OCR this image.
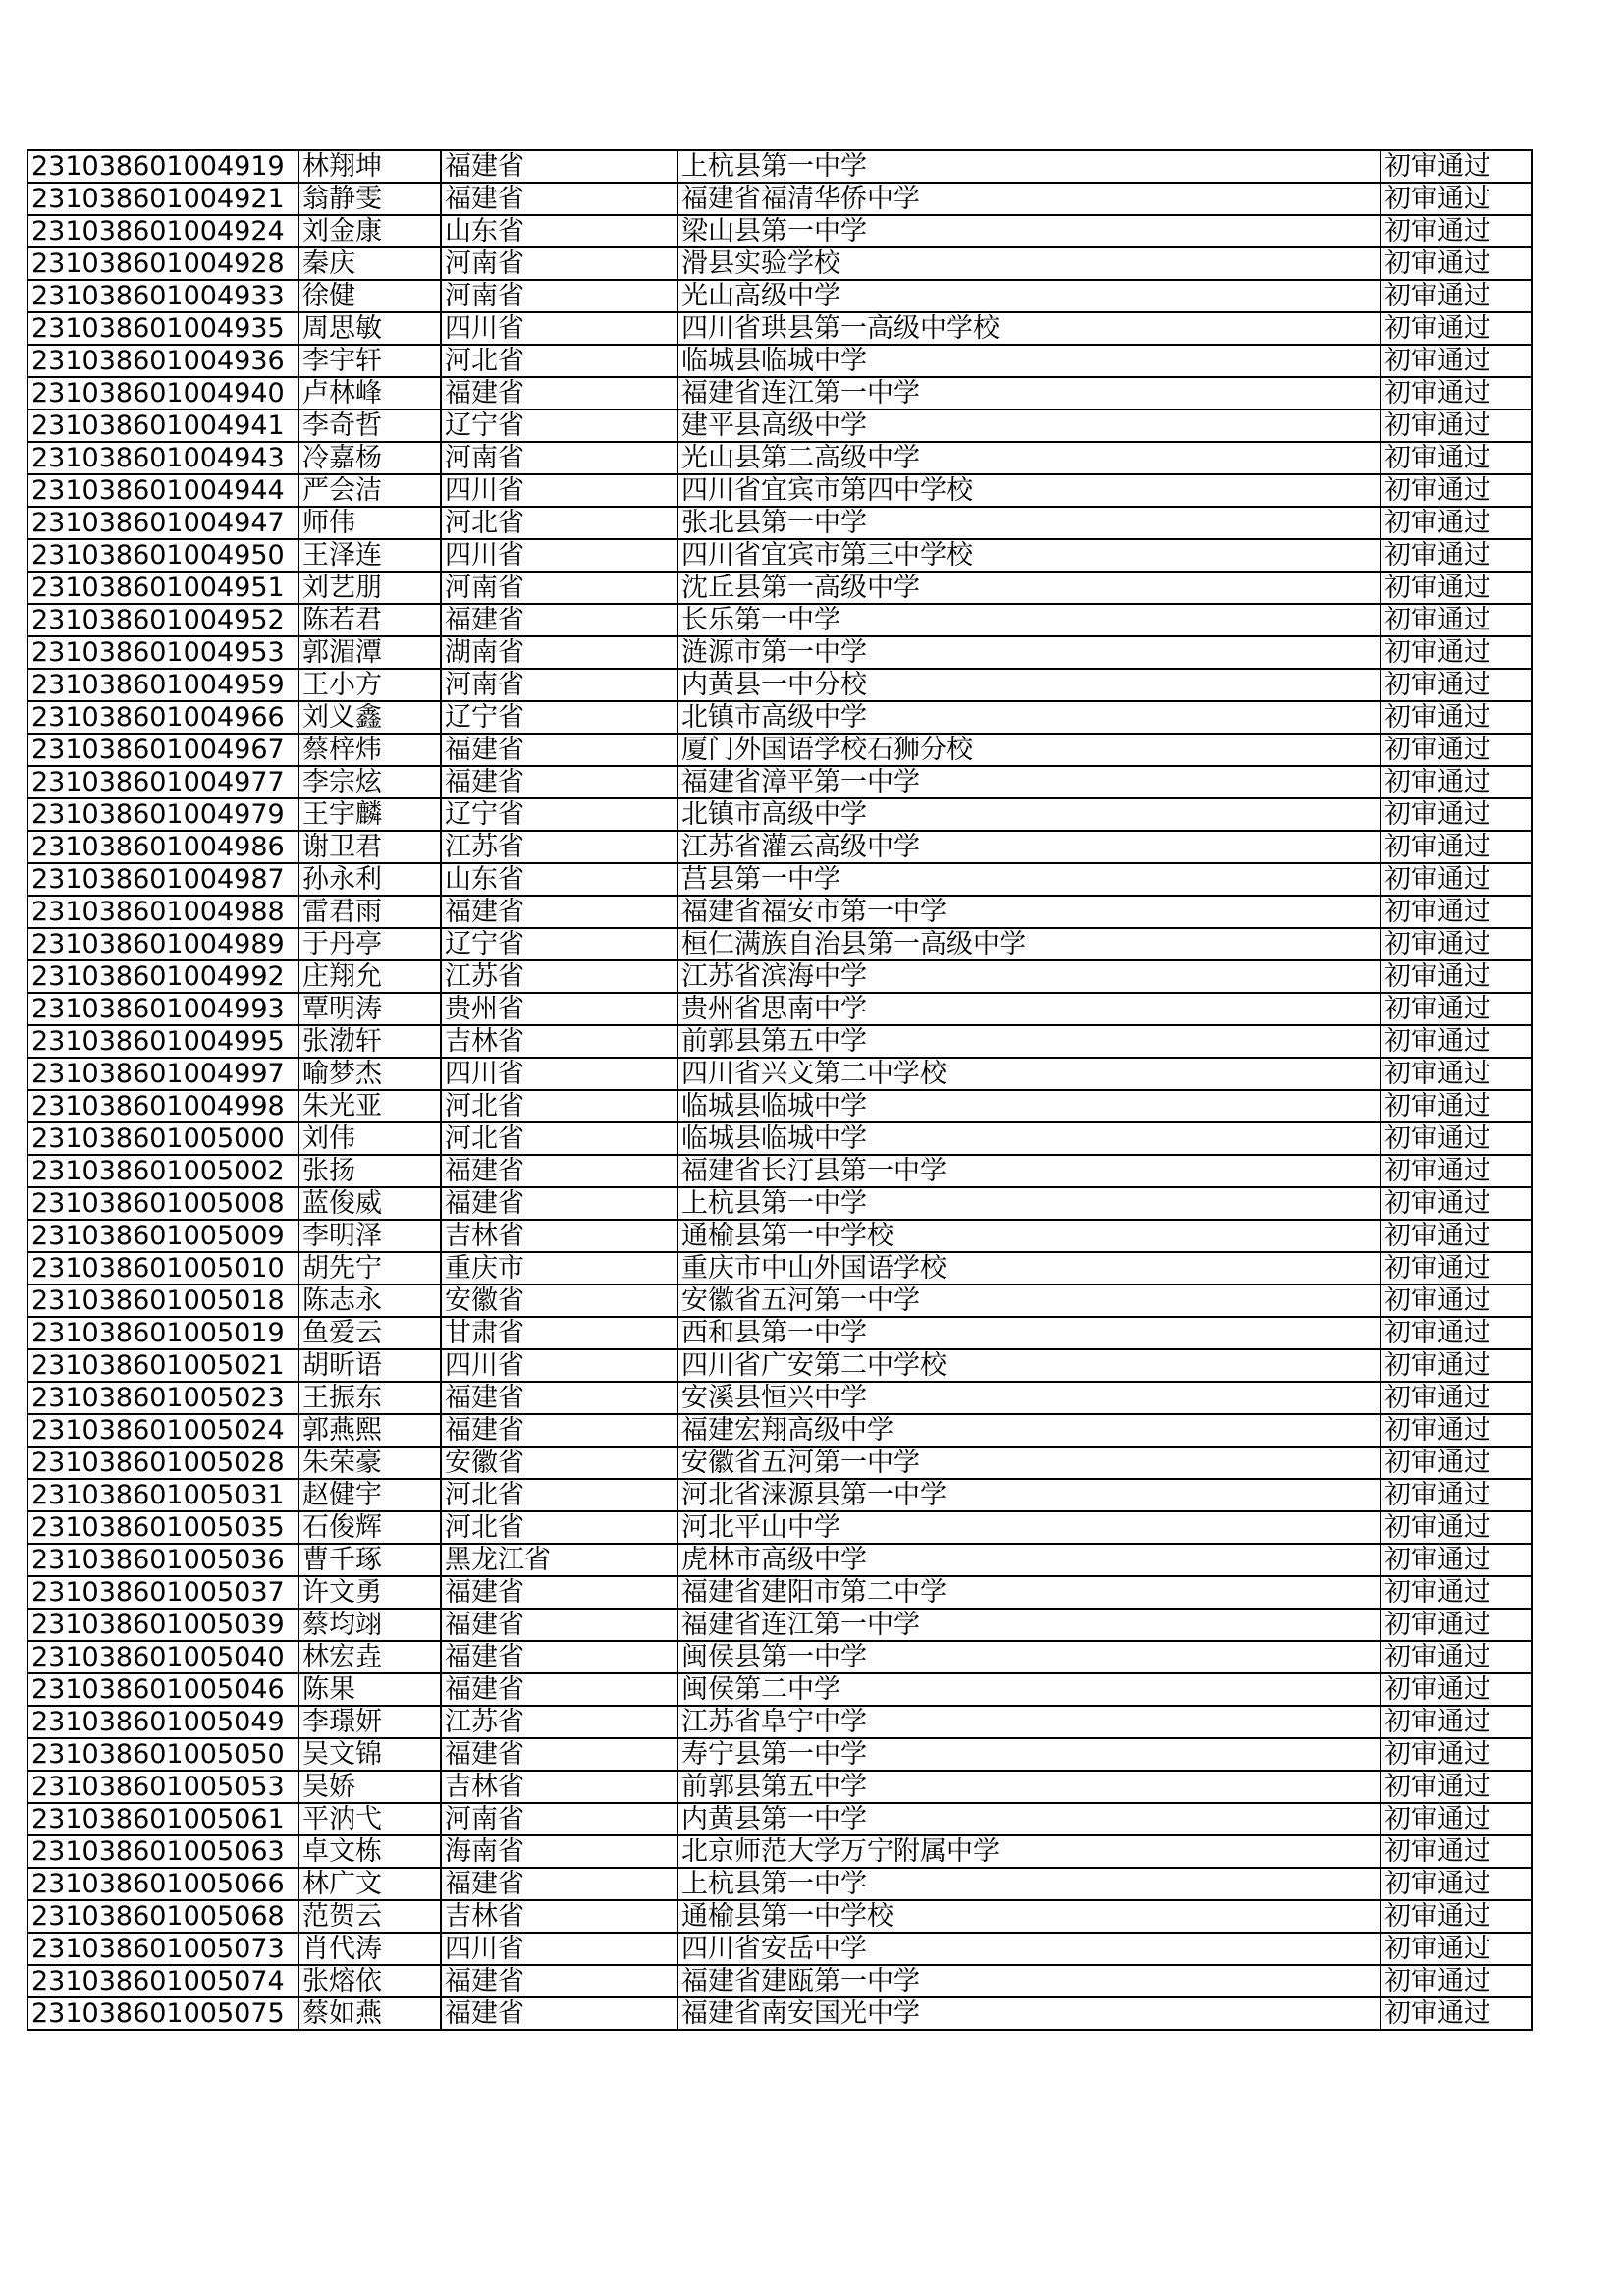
231038601004919	林翔坤	福建省	上杭县第一中学	初审通过
231038601004921	翁静雯	福建省	福建省福清华侨中学	初审通过
231038601004924	刘金康	山东省	梁山县第一中学	初审通过
231038601004928	秦庆	河南省	滑县实验学校	初审通过
231038601004933	徐健	河南省	光山高级中学	初审通过
231038601004935	周思敏	四川省	四川省珙县第一高级中学校	初审通过
231038601004936	李宇轩	河北省	临城县临城中学	初审通过
231038601004940	卢林峰	福建省	福建省连江第一中学	初审通过
231038601004941	李奇哲	辽宁省	建平县高级中学	初审通过
231038601004943	冷嘉杨	河南省	光山县第二高级中学	初审通过
231038601004944	严会洁	四川省	四川省宜宾市第四中学校	初审通过
231038601004947	师伟	河北省	张北县第一中学	初审通过
231038601004950	王泽连	四川省	四川省宜宾市第三中学校	初审通过
231038601004951	刘艺朋	河南省	沈丘县第一高级中学	初审通过
231038601004952	陈若君	福建省	长乐第一中学	初审通过
231038601004953	郭湄潭	湖南省	涟源市第一中学	初审通过
231038601004959	王小方	河南省	内黄县一中分校	初审通过
231038601004966	刘义鑫	辽宁省	北镇市高级中学	初审通过
231038601004967	蔡梓炜	福建省	厦门外国语学校石狮分校	初审通过
231038601004977	李宗炫	福建省	福建省漳平第一中学	初审通过
231038601004979	王宇麟	辽宁省	北镇市高级中学	初审通过
231038601004986	谢卫君	江苏省	江苏省灌云高级中学	初审通过
231038601004987	孙永利	山东省	莒县第一中学	初审通过
231038601004988	雷君雨	福建省	福建省福安市第一中学	初审通过
231038601004989	于丹亭	辽宁省	桓仁满族自治县第一高级中学	初审通过
231038601004992	庄翔允	江苏省	江苏省滨海中学	初审通过
231038601004993	覃明涛	贵州省	贵州省思南中学	初审通过
231038601004995	张渤轩	吉林省	前郭县第五中学	初审通过
231038601004997	喻梦杰	四川省	四川省兴文第二中学校	初审通过
231038601004998	朱光亚	河北省	临城县临城中学	初审通过
231038601005000	刘伟	河北省	临城县临城中学	初审通过
231038601005002	张扬	福建省	福建省长汀县第一中学	初审通过
231038601005008	蓝俊威	福建省	上杭县第一中学	初审通过
231038601005009	李明泽	吉林省	通榆县第一中学校	初审通过
231038601005010	胡先宁	重庆市	重庆市中山外国语学校	初审通过
231038601005018	陈志永	安徽省	安徽省五河第一中学	初审通过
231038601005019	鱼爱云	甘肃省	西和县第一中学	初审通过
231038601005021	胡昕语	四川省	四川省广安第二中学校	初审通过
231038601005023	王振东	福建省	安溪县恒兴中学	初审通过
231038601005024	郭燕熙	福建省	福建宏翔高级中学	初审通过
231038601005028	朱荣豪	安徽省	安徽省五河第一中学	初审通过
231038601005031	赵健宇	河北省	河北省涞源县第一中学	初审通过
231038601005035	石俊辉	河北省	河北平山中学	初审通过
231038601005036	曹千琢	黑龙江省	虎林市高级中学	初审通过
231038601005037	许文勇	福建省	福建省建阳市第二中学	初审通过
231038601005039	蔡均翊	福建省	福建省连江第一中学	初审通过
231038601005040	林宏垚	福建省	闽侯县第一中学	初审通过
231038601005046	陈果	福建省	闽侯第二中学	初审通过
231038601005049	李璟妍	江苏省	江苏省阜宁中学	初审通过
231038601005050	吴文锦	福建省	寿宁县第一中学	初审通过
231038601005053	吴娇	吉林省	前郭县第五中学	初审通过
231038601005061	平汭弋	河南省	内黄县第一中学	初审通过
231038601005063	卓文栋	海南省	北京师范大学万宁附属中学	初审通过
231038601005066	林广文	福建省	上杭县第一中学	初审通过
231038601005068	范贺云	吉林省	通榆县第一中学校	初审通过
231038601005073	肖代涛	四川省	四川省安岳中学	初审通过
231038601005074	张熔依	福建省	福建省建瓯第一中学	初审通过
231038601005075	蔡如燕	福建省	福建省南安国光中学	初审通过
